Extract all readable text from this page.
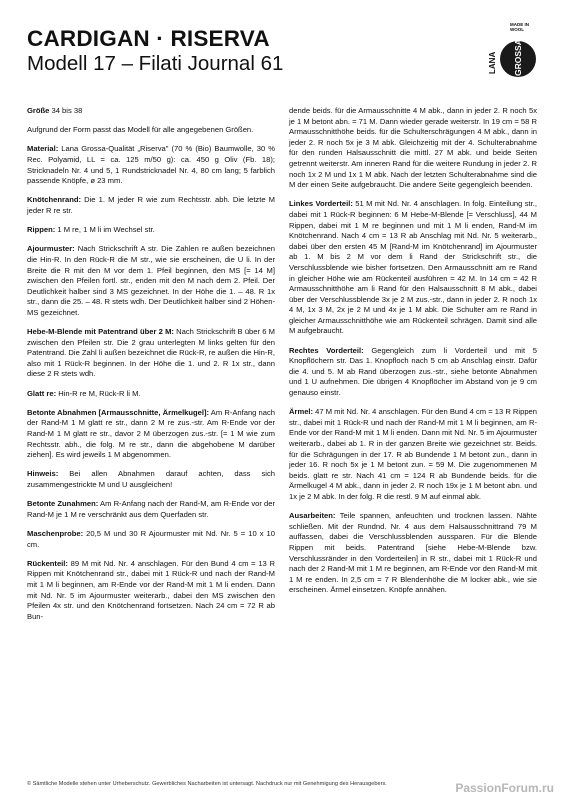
CARDIGAN · RISERVA
Modell 17 – Filati Journal 61
MADE IN WOOL
LANA GROSSA

Größe 34 bis 38

Aufgrund der Form passt das Modell für alle angegebenen Größen.

Material: Lana Grossa-Qualität „Riserva" (70 % (Bio) Baumwolle, 30 % Rec. Polyamid, LL = ca. 125 m/50 g): ca. 450 g Oliv (Fb. 18); Stricknadeln Nr. 4 und 5, 1 Rundstricknadel Nr. 4, 80 cm lang; 5 farblich passende Knöpfe, ø 23 mm.

Knötchenrand: Die 1. M jeder R wie zum Rechtsstr. abh. Die letzte M jeder R re str.

Rippen: 1 M re, 1 M li im Wechsel str.

Ajourmuster: Nach Strickschrift A str. Die Zahlen re außen bezeichnen die Hin-R. In den Rück-R die M str., wie sie erscheinen, die U li. In der Breite die R mit den M vor dem 1. Pfeil beginnen, den MS [= 14 M] zwischen den Pfeilen fortl. str., enden mit den M nach dem 2. Pfeil. Der Deutlichkeit halber sind 3 MS gezeichnet. In der Höhe die 1. – 48. R 1x str., dann die 25. – 48. R stets wdh. Der Deutlichkeit halber sind 2 Höhen-MS gezeichnet.

Hebe-M-Blende mit Patentrand über 2 M: Nach Strickschrift B über 6 M zwischen den Pfeilen str. Die 2 grau unterlegten M links gelten für den Patentrand. Die Zahl li außen bezeichnet die Rück-R, re außen die Hin-R, also mit 1 Rück-R beginnen. In der Höhe die 1. und 2. R 1x str., dann diese 2 R stets wdh.

Glatt re: Hin-R re M, Rück-R li M.

Betonte Abnahmen [Armausschnitte, Ärmelkugel]: Am R-Anfang nach der Rand-M 1 M glatt re str., dann 2 M re zus.-str. Am R-Ende vor der Rand-M 1 M glatt re str., davor 2 M überzogen zus.-str. [= 1 M wie zum Rechtsstr. abh., die folg. M re str., dann die abgehobene M darüber ziehen]. Es wird jeweils 1 M abgenommen.

Hinweis: Bei allen Abnahmen darauf achten, dass sich zusammengestrickte M und U ausgleichen!

Betonte Zunahmen: Am R-Anfang nach der Rand-M, am R-Ende vor der Rand-M je 1 M re verschränkt aus dem Querfaden str.

Maschenprobe: 20,5 M und 30 R Ajourmuster mit Nd. Nr. 5 = 10 x 10 cm.

Rückenteil: 89 M mit Nd. Nr. 4 anschlagen. Für den Bund 4 cm = 13 R Rippen mit Knötchenrand str., dabei mit 1 Rück-R und nach der Rand-M mit 1 M li beginnen, am R-Ende vor der Rand-M mit 1 M li enden. Dann mit Nd. Nr. 5 im Ajourmuster weiterarb., dabei den MS zwischen den Pfeilen 4x str. und den Knötchenrand fortsetzen. Nach 24 cm = 72 R ab Bun-

dende beids. für die Armausschnitte 4 M abk., dann in jeder 2. R noch 5x je 1 M betont abn. = 71 M. Dann wieder gerade weiterstr. In 19 cm = 58 R Armausschnitthöhe beids. für die Schulterschrägungen 4 M abk., dann in jeder 2. R noch 5x je 3 M abk. Gleichzeitig mit der 4. Schulterabnahme für den runden Halsausschnitt die mittl. 27 M abk. und beide Seiten getrennt weiterstr. Am inneren Rand für die weitere Rundung in jeder 2. R noch 1x 2 M und 1x 1 M abk. Nach der letzten Schulterabnahme sind die M der einen Seite aufgebraucht. Die andere Seite gegengleich beenden.

Linkes Vorderteil: 51 M mit Nd. Nr. 4 anschlagen. In folg. Einteilung str., dabei mit 1 Rück-R beginnen: 6 M Hebe-M-Blende [= Verschluss], 44 M Rippen, dabei mit 1 M re beginnen und mit 1 M li enden, Rand-M im Knötchenrand. Nach 4 cm = 13 R ab Anschlag mit Nd. Nr. 5 weiterarb., dabei über den ersten 45 M [Rand-M im Knötchenrand] im Ajourmuster ab 1. M bis 2 M vor dem li Rand der Strickschrift str., die Verschlussblende wie bisher fortsetzen. Den Armausschnitt am re Rand in gleicher Höhe wie am Rückenteil ausführen = 42 M. In 14 cm = 42 R Armausschnitthöhe am li Rand für den Halsausschnitt 8 M abk., dabei über der Verschlussblende 3x je 2 M zus.-str., dann in jeder 2. R noch 1x 4 M, 1x 3 M, 2x je 2 M und 4x je 1 M abk. Die Schulter am re Rand in gleicher Armausschnitthöhe wie am Rückenteil schrägen. Damit sind alle M aufgebraucht.

Rechtes Vorderteil: Gegengleich zum li Vorderteil und mit 5 Knopflöchern str. Das 1. Knopfloch nach 5 cm ab Anschlag einstr. Dafür die 4. und 5. M ab Rand überzogen zus.-str., siehe betonte Abnahmen und 1 U aufnehmen. Die übrigen 4 Knopflöcher im Abstand von je 9 cm genauso einstr.

Ärmel: 47 M mit Nd. Nr. 4 anschlagen. Für den Bund 4 cm = 13 R Rippen str., dabei mit 1 Rück-R und nach der Rand-M mit 1 M li beginnen, am R-Ende vor der Rand-M mit 1 M li enden. Dann mit Nd. Nr. 5 im Ajourmuster weiterarb., dabei ab 1. R in der ganzen Breite wie gezeichnet str. Beids. für die Schrägungen in der 17. R ab Bundende 1 M betont zun., dann in jeder 16. R noch 5x je 1 M betont zun. = 59 M. Die zugenommenen M beids. glatt re str. Nach 41 cm = 124 R ab Bundende beids. für die Ärmelkugel 4 M abk., dann in jeder 2. R noch 19x je 1 M betont abn. und 1x je 2 M abk. In der folg. R die restl. 9 M auf einmal abk.

Ausarbeiten: Teile spannen, anfeuchten und trocknen lassen. Nähte schließen. Mit der Rundnd. Nr. 4 aus dem Halsausschnittrand 79 M auffassen, dabei die Verschlussblenden aussparen. Für die Blende Rippen mit beids. Patentrand [siehe Hebe-M-Blende bzw. Verschlussränder in den Vorderteilen] in R str., dabei mit 1 Rück-R und nach der 2 Rand-M mit 1 M re beginnen, am R-Ende vor den Rand-M mit 1 M re enden. In 2,5 cm = 7 R Blendenhöhe die M locker abk., wie sie erscheinen. Ärmel einsetzen. Knöpfe annähen.

© Sämtliche Modelle stehen unter Urheberschutz. Gewerbliches Nacharbeiten ist untersagt. Nachdruck nur mit Genehmigung des Herausgebers.	PassionForum.ru
